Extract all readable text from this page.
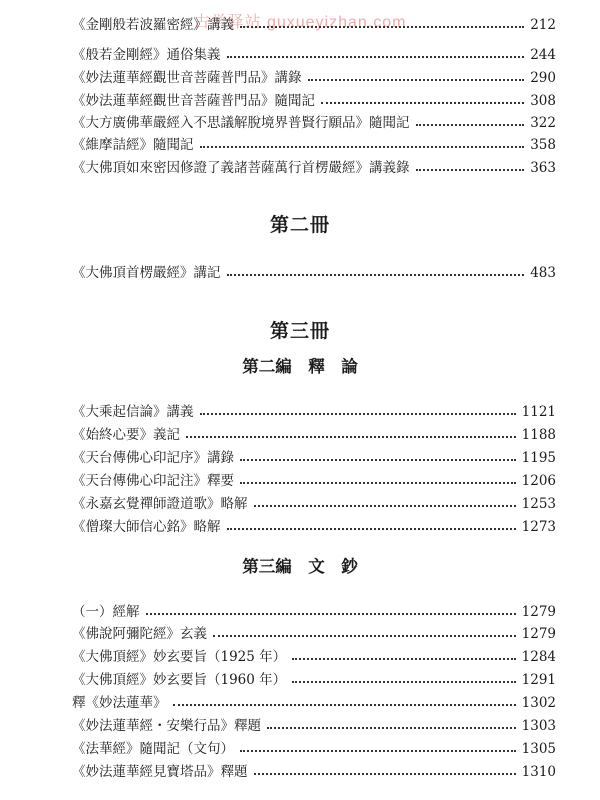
古学驿站 guxueyizhan.com
《金剛般若波羅密經》講義	212
《般若金剛經》通俗集義	244
《妙法蓮華經觀世音菩薩普門品》講錄	290
《妙法蓮華經觀世音菩薩普門品》隨聞記	308
《大方廣佛華嚴經入不思議解脫境界普賢行願品》隨聞記	322
《維摩詰經》隨聞記	358
《大佛頂如來密因修證了義諸菩薩萬行首楞嚴經》講義錄	363
第二冊
《大佛頂首楞嚴經》講記	483
第三冊
第二編　釋　論
《大乘起信論》講義	1121
《始終心要》義記	1188
《天台傳佛心印記序》講錄	1195
《天台傳佛心印記注》釋要	1206
《永嘉玄覺禪師證道歌》略解	1253
《僧璨大師信心銘》略解	1273
第三編　文　鈔
（一）經解	1279
《佛說阿彌陀經》玄義	1279
《大佛頂經》妙玄要旨（1925 年）	1284
《大佛頂經》妙玄要旨（1960 年）	1291
釋《妙法蓮華》	1302
《妙法蓮華經・安樂行品》釋題	1303
《法華經》隨聞記（文句）	1305
《妙法蓮華經見寶塔品》釋題	1310
